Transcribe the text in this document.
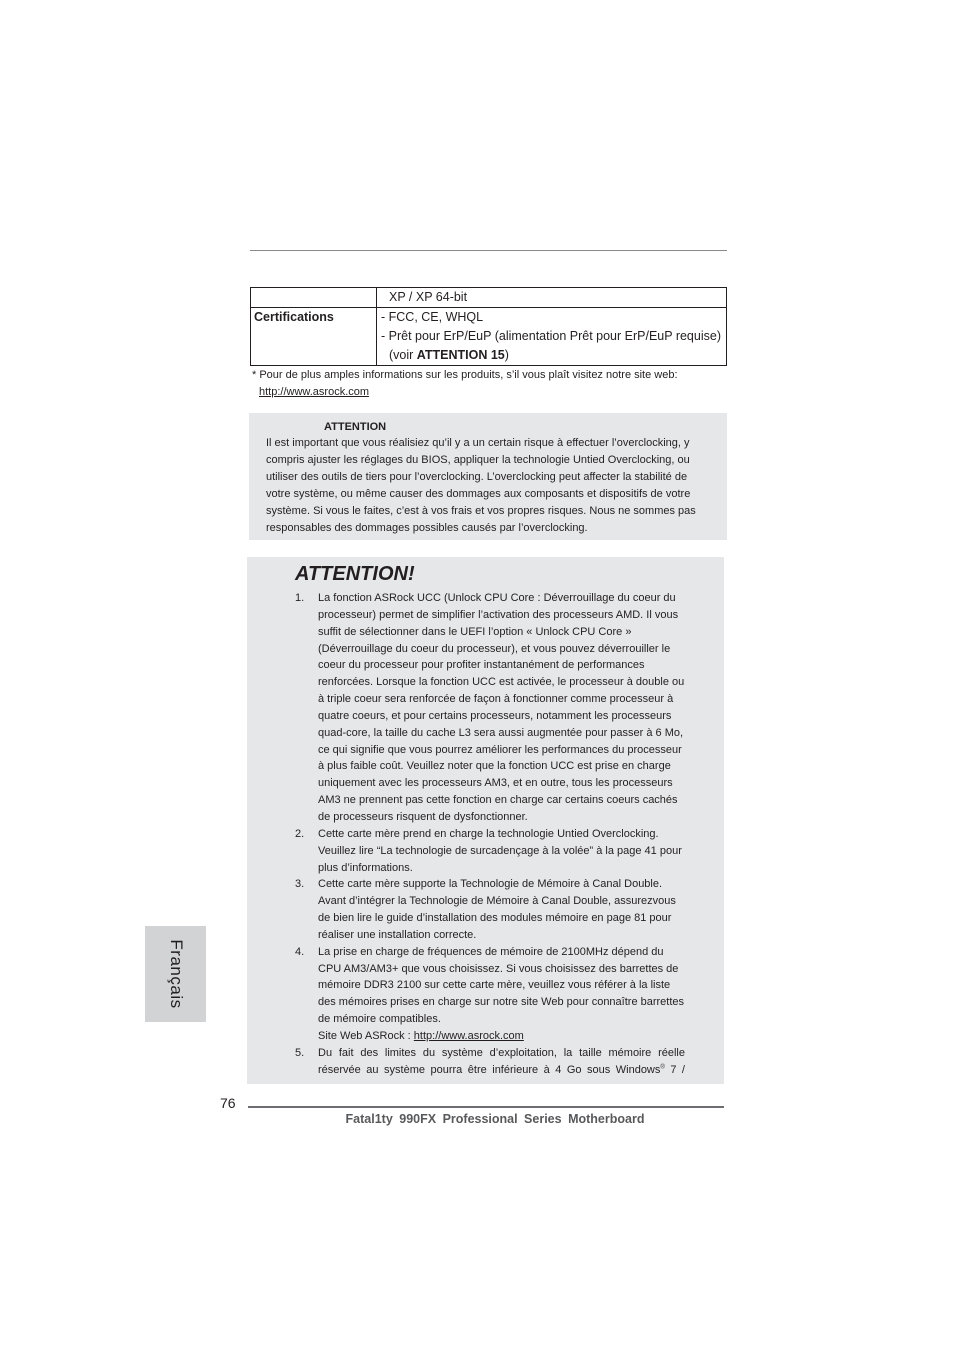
	XP / XP 64-bit

Certifications	- FCC, CE, WHQL
- Prêt pour ErP/EuP (alimentation Prêt pour ErP/EuP requise)
(voir ATTENTION 15)
* Pour de plus amples informations sur les produits, s’il vous plaît visitez notre site web:
http://www.asrock.com
ATTENTION
Il est important que vous réalisiez qu’il y a un certain risque à effectuer l’overclocking, y compris ajuster les réglages du BIOS, appliquer la technologie Untied Overclocking, ou utiliser des outils de tiers pour l’overclocking. L’overclocking peut affecter la stabilité de votre système, ou même causer des dommages aux composants et dispositifs de votre système. Si vous le faites, c’est à vos frais et vos propres risques. Nous ne sommes pas responsables des dommages possibles causés par l’overclocking.
ATTENTION!
1. La fonction ASRock UCC (Unlock CPU Core : Déverrouillage du coeur du processeur) permet de simplifier l’activation des processeurs AMD. Il vous suffit de sélectionner dans le UEFI l’option « Unlock CPU Core » (Déverrouillage du coeur du processeur), et vous pouvez déverrouiller le coeur du processeur pour profiter instantanément de performances renforcées. Lorsque la fonction UCC est activée, le processeur à double ou à triple coeur sera renforcée de façon à fonctionner comme processeur à quatre coeurs, et pour certains processeurs, notamment les processeurs quad-core, la taille du cache L3 sera aussi augmentée pour passer à 6 Mo, ce qui signifie que vous pourrez améliorer les performances du processeur à plus faible coût. Veuillez noter que la fonction UCC est prise en charge uniquement avec les processeurs AM3, et en outre, tous les processeurs AM3 ne prennent pas cette fonction en charge car certains coeurs cachés de processeurs risquent de dysfonctionner.
2. Cette carte mère prend en charge la technologie Untied Overclocking. Veuillez lire “La technologie de surcadençage à la volée” à la page 41 pour plus d’informations.
3. Cette carte mère supporte la Technologie de Mémoire à Canal Double. Avant d’intégrer la Technologie de Mémoire à Canal Double, assurezvous de bien lire le guide d’installation des modules mémoire en page 81 pour réaliser une installation correcte.
4. La prise en charge de fréquences de mémoire de 2100MHz dépend du CPU AM3/AM3+ que vous choisissez. Si vous choisissez des barrettes de mémoire DDR3 2100 sur cette carte mère, veuillez vous référer à la liste des mémoires prises en charge sur notre site Web pour connaître barrettes de mémoire compatibles.
Site Web ASRock : http://www.asrock.com
5. Du fait des limites du système d’exploitation, la taille mémoire réelle réservée au système pourra être inférieure à 4 Go sous Windows® 7 /
Français
76
Fatal1ty 990FX Professional Series Motherboard
